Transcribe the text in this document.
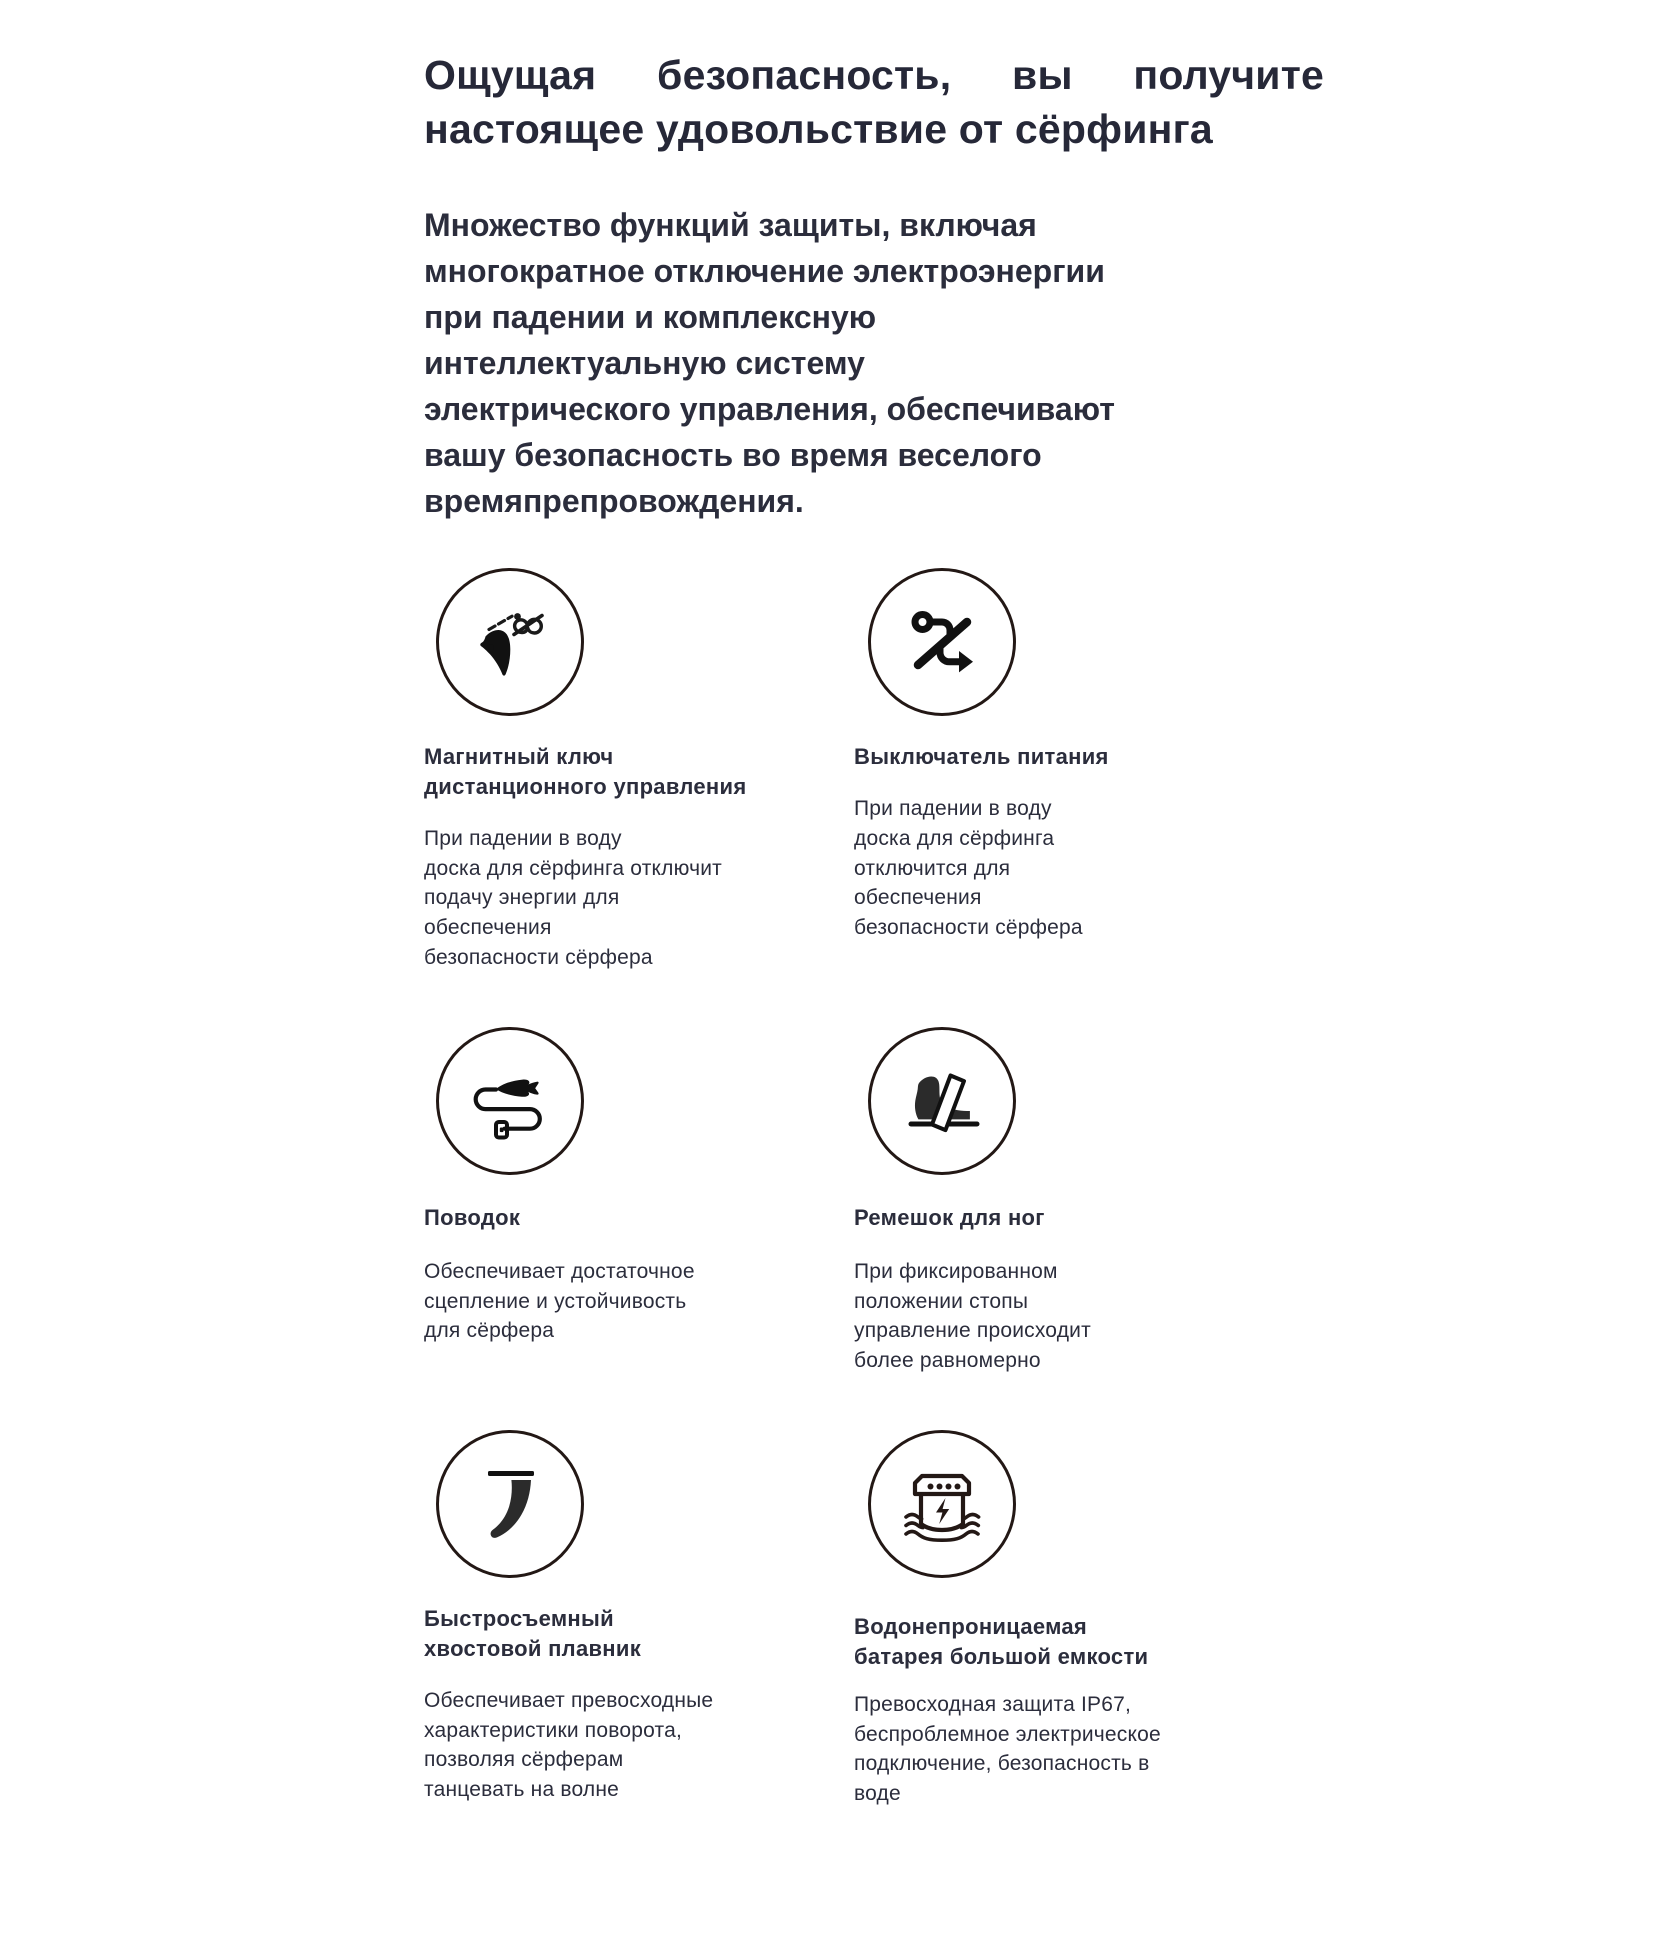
Ощущая безопасность, вы получите
настоящее удовольствие от сёрфинга

Множество функций защиты, включая
многократное отключение электроэнергии
при падении и комплексную
интеллектуальную систему
электрического управления, обеспечивают
вашу безопасность во время веселого
времяпрепровождения.

Магнитный ключ
дистанционного управления

При падении в воду
доска для сёрфинга отключит
подачу энергии для
обеспечения
безопасности сёрфера

Выключатель питания

При падении в воду
доска для сёрфинга
отключится для
обеспечения
безопасности сёрфера

Поводок

Обеспечивает достаточное
сцепление и устойчивость
для сёрфера

Ремешок для ног

При фиксированном
положении стопы
управление происходит
более равномерно

Быстросъемный
хвостовой плавник

Обеспечивает превосходные
характеристики поворота,
позволяя сёрферам
танцевать на волне

Водонепроницаемая
батарея большой емкости

Превосходная защита IP67,
беспроблемное электрическое
подключение, безопасность в
воде
